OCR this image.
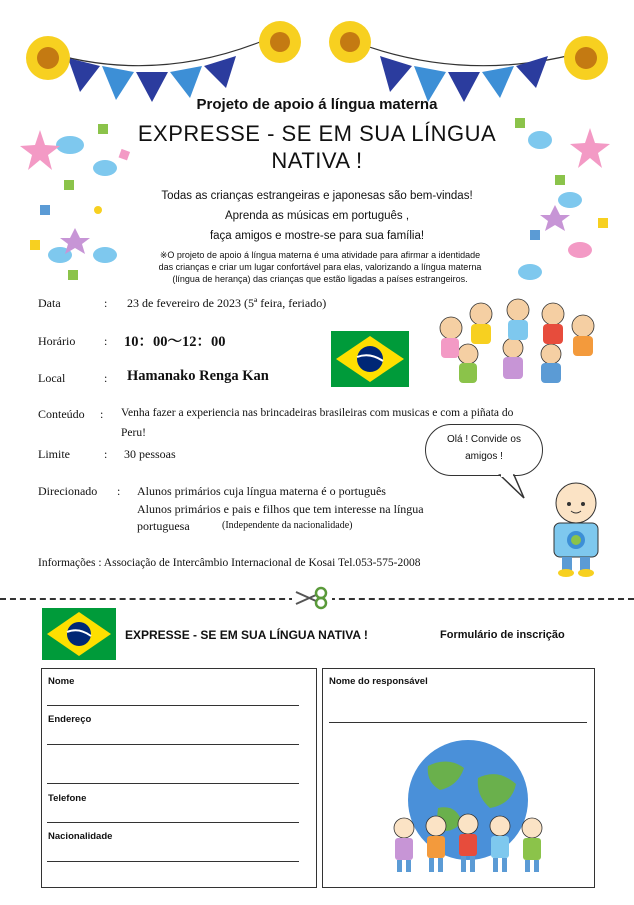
Projeto de apoio á língua materna
EXPRESSE - SE EM SUA LÍNGUA
NATIVA !
Todas as crianças estrangeiras e japonesas são bem-vindas!
Aprenda as músicas em português ,
faça amigos e mostre-se para sua família!
※O projeto de apoio á língua materna é uma atividade para afirmar a identidade
das crianças e criar um lugar confortável para elas, valorizando a língua materna
(língua de herança) das crianças que estão ligadas a países estrangeiros.
Data	: 23 de fevereiro de 2023 (5ª feira, feriado)
Horário : 10：00～12：00
Local	: Hamanako Renga Kan
Conteúdo : Venha fazer a experiencia nas brincadeiras brasileiras com musicas e com a piñata do
Peru!
Limite	: 30 pessoas
Direcionado : Alunos primários cuja língua materna é o português
Alunos primários e pais e filhos que tem interesse na língua
portuguesa	(Independente da nacionalidade)
Informações : Associação de Intercâmbio Internacional de Kosai Tel.053-575-2008
Olá ! Convide os
amigos !
EXPRESSE - SE EM SUA LÍNGUA NATIVA !	Formulário de inscrição
Nome
Endereço
Telefone
Nacionalidade
Nome do responsável
